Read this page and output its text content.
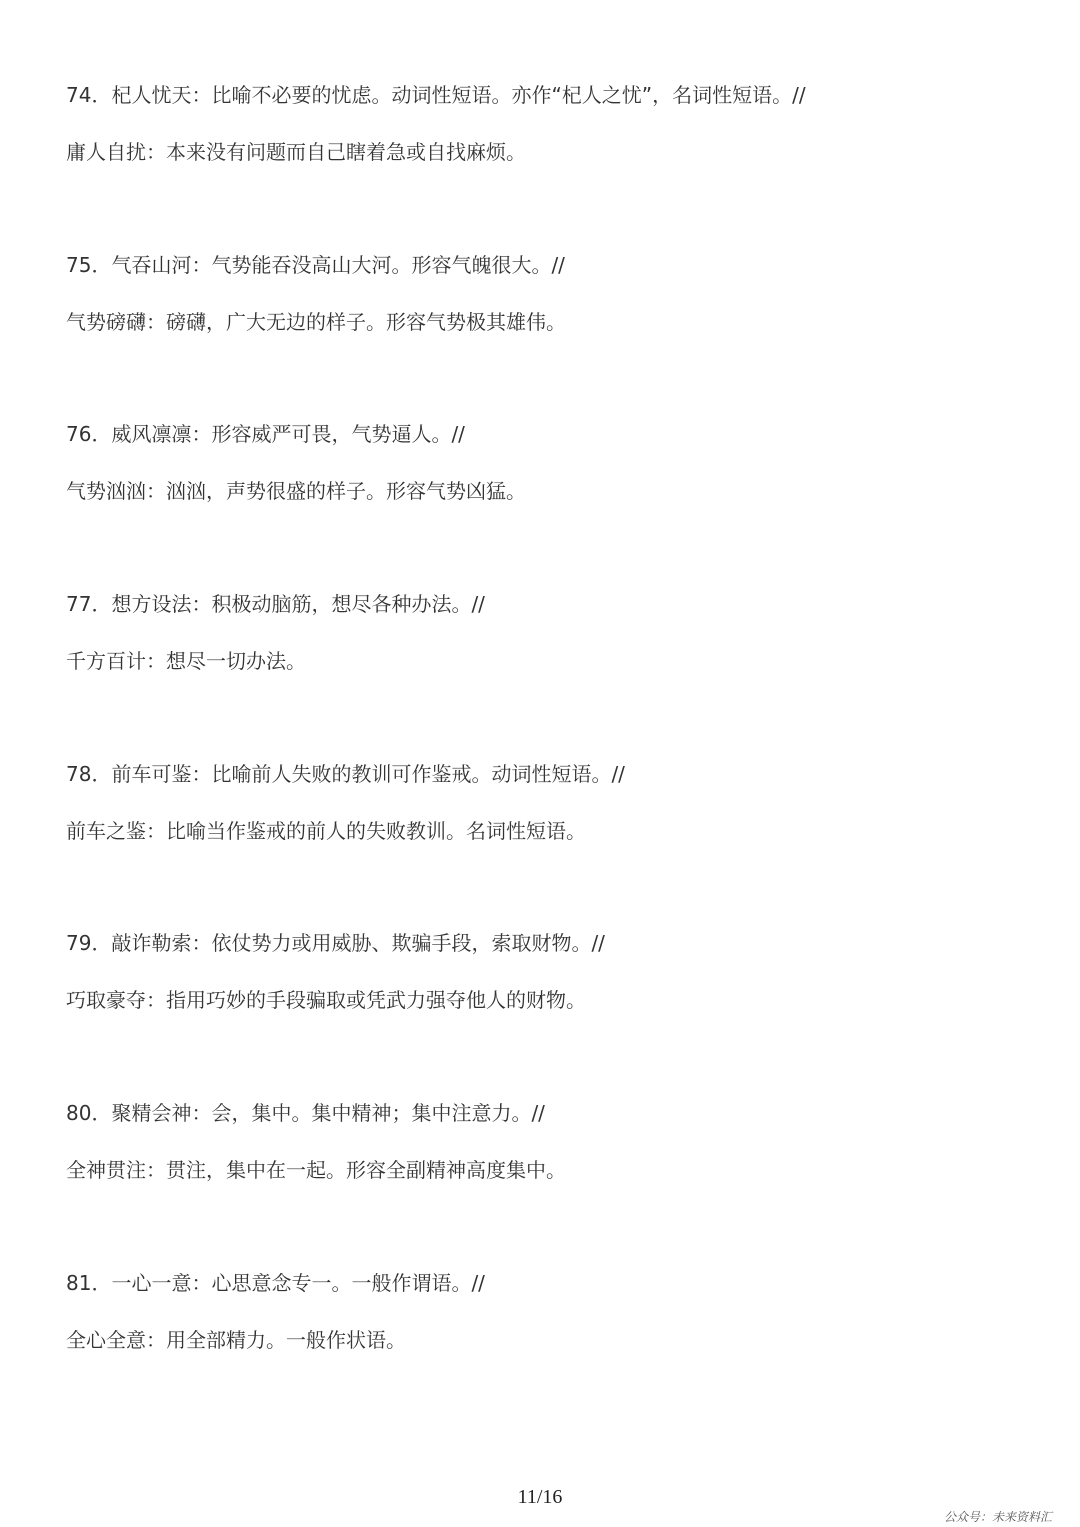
74．杞人忧天：比喻不必要的忧虑。动词性短语。亦作“杞人之忧”，名词性短语。//
庸人自扰：本来没有问题而自己瞎着急或自找麻烦。
75．气吞山河：气势能吞没高山大河。形容气魄很大。//
气势磅礴：磅礴，广大无边的样子。形容气势极其雄伟。
76．威风凛凛：形容威严可畏，气势逼人。//
气势汹汹：汹汹，声势很盛的样子。形容气势凶猛。
77．想方设法：积极动脑筋，想尽各种办法。//
千方百计：想尽一切办法。
78．前车可鉴：比喻前人失败的教训可作鉴戒。动词性短语。//
前车之鉴：比喻当作鉴戒的前人的失败教训。名词性短语。
79．敲诈勒索：依仗势力或用威胁、欺骗手段，索取财物。//
巧取豪夺：指用巧妙的手段骗取或凭武力强夺他人的财物。
80．聚精会神：会，集中。集中精神；集中注意力。//
全神贯注：贯注，集中在一起。形容全副精神高度集中。
81．一心一意：心思意念专一。一般作谓语。//
全心全意：用全部精力。一般作状语。
11/16
公众号：未来资料汇
